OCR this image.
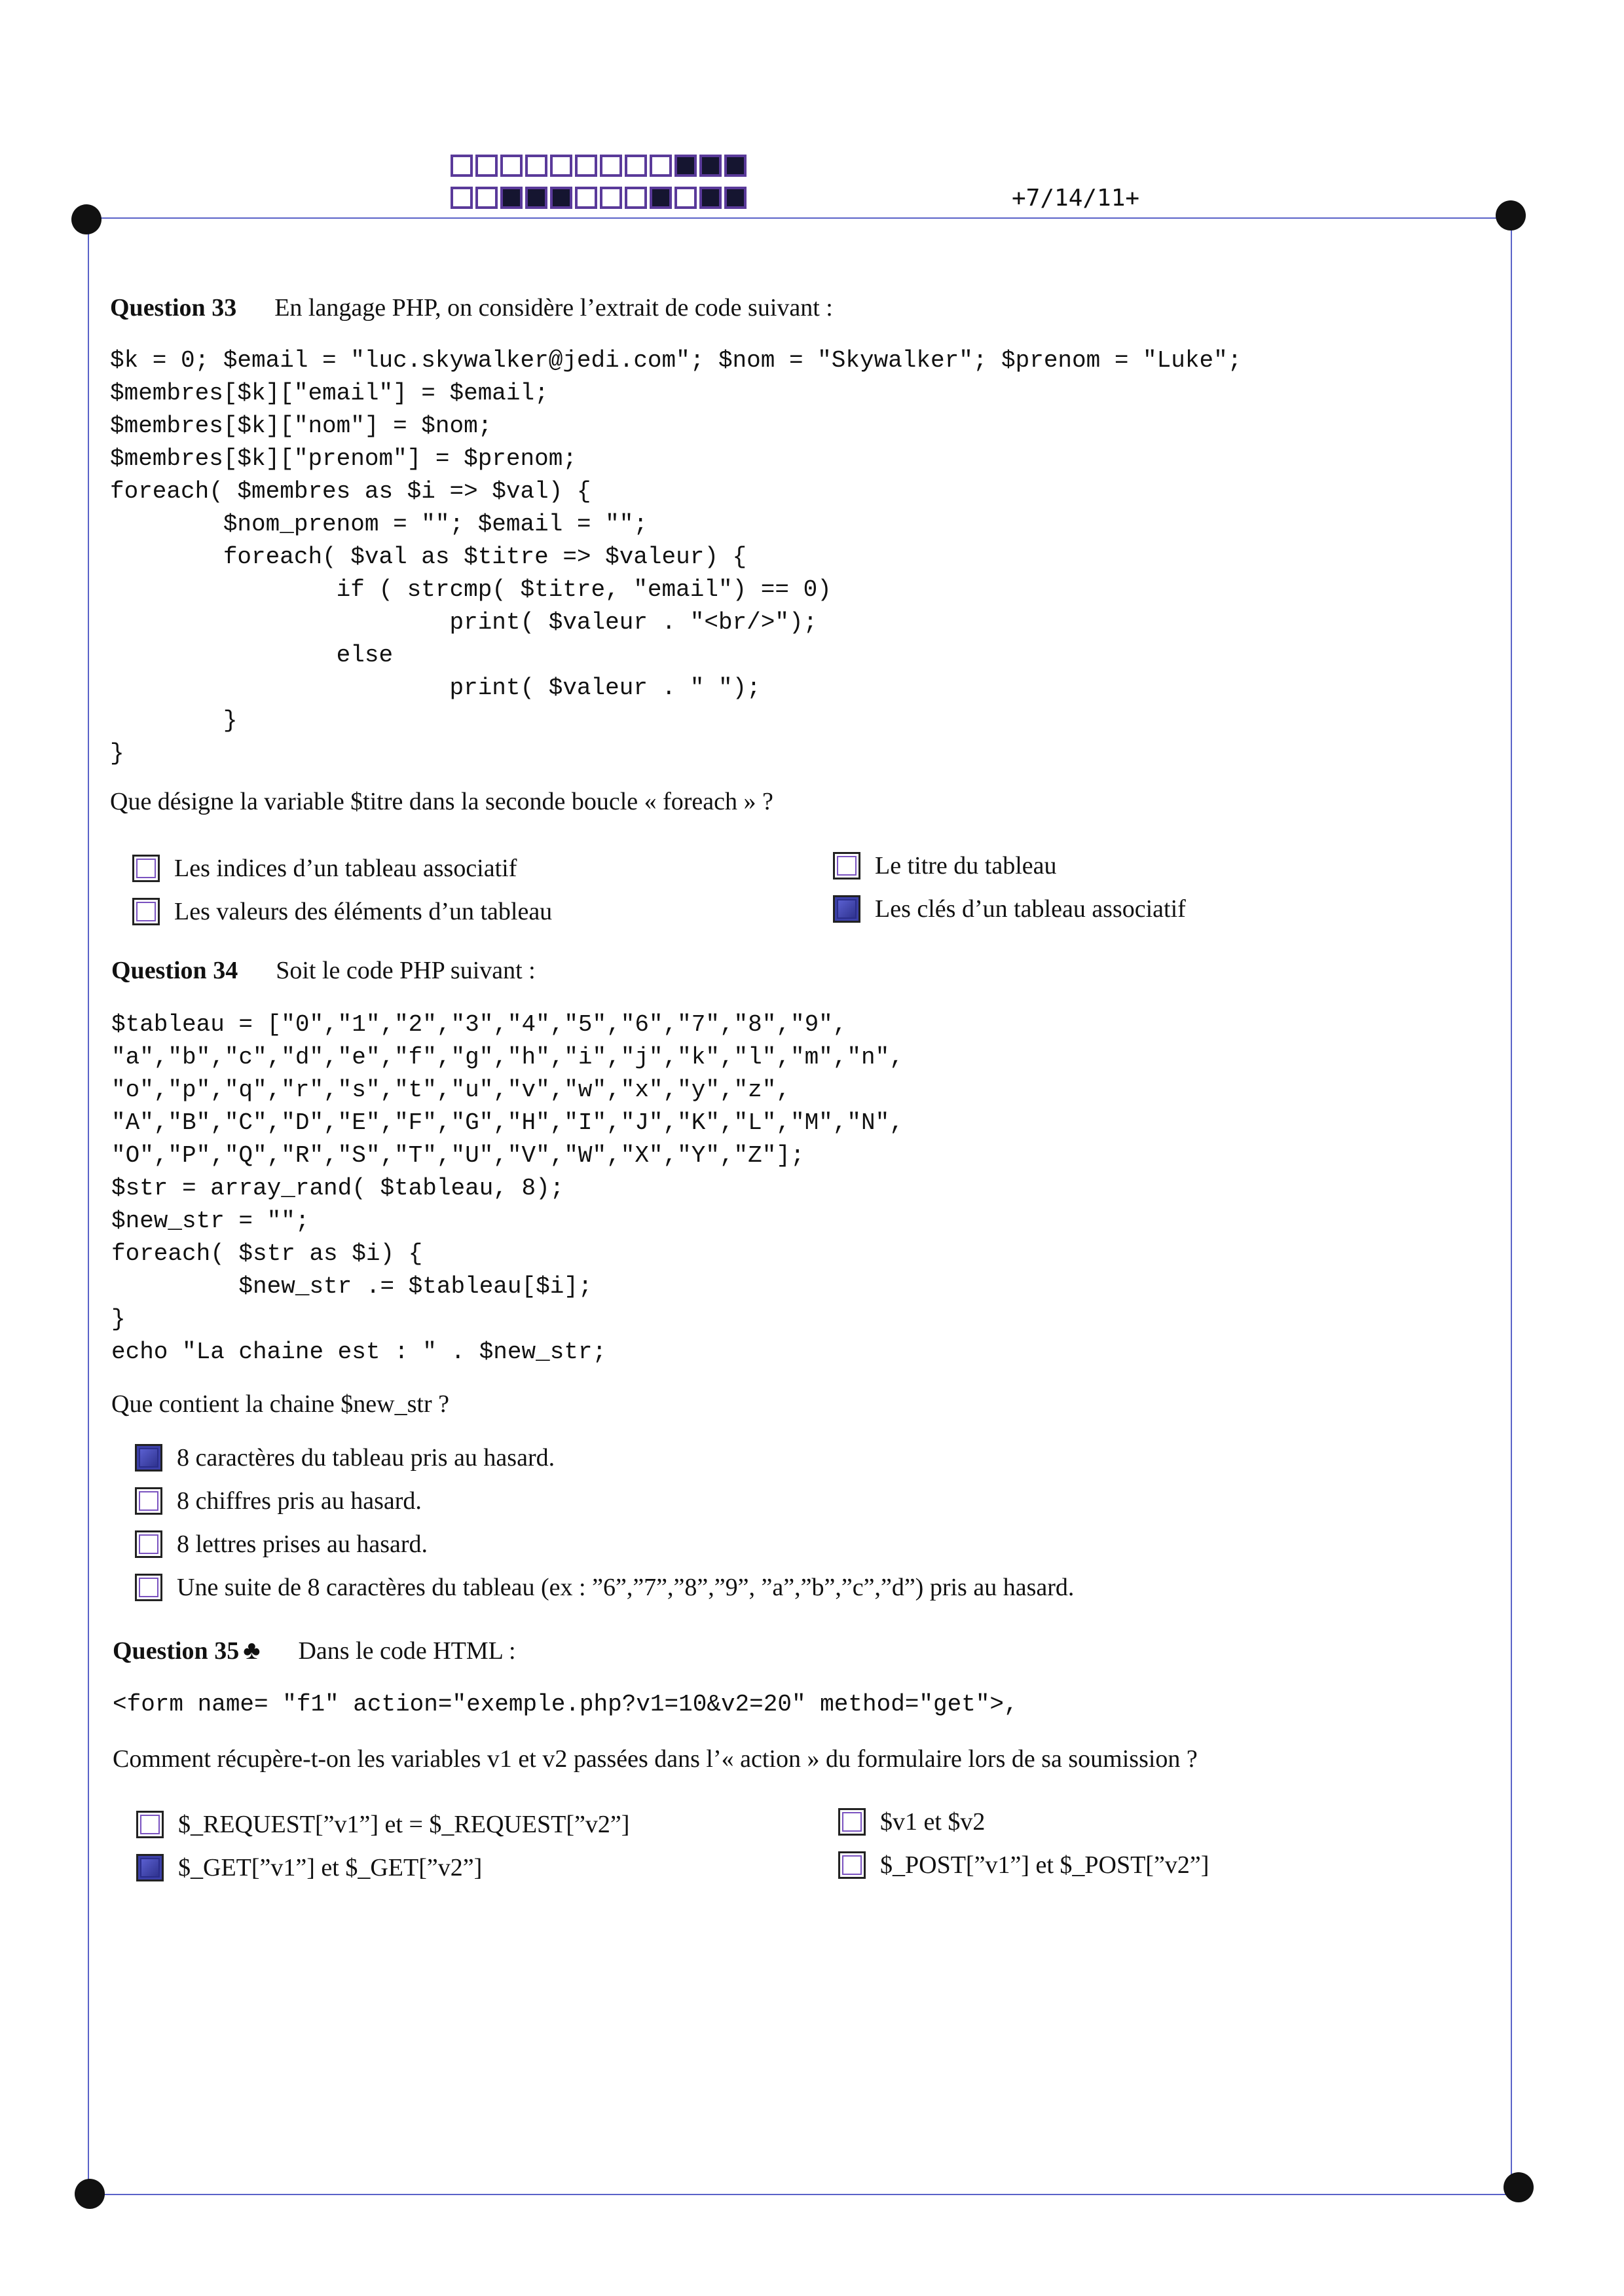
+7/14/11+
Question 33 En langage PHP, on considère l’extrait de code suivant :
$k = 0; $email = "luc.skywalker@jedi.com"; $nom = "Skywalker"; $prenom = "Luke";
$membres[$k]["email"] = $email;
$membres[$k]["nom"] = $nom;
$membres[$k]["prenom"] = $prenom;
foreach( $membres as $i => $val) {
$nom_prenom = ""; $email = "";
foreach( $val as $titre => $valeur) {
if ( strcmp( $titre, "email") == 0)
print( $valeur . "<br/>");
else
print( $valeur . " ");
}
}
Que désigne la variable $titre dans la seconde boucle « foreach » ?
Les indices d’un tableau associatif
Les valeurs des éléments d’un tableau
Le titre du tableau
Les clés d’un tableau associatif
Question 34 Soit le code PHP suivant :
$tableau = ["0","1","2","3","4","5","6","7","8","9",
"a","b","c","d","e","f","g","h","i","j","k","l","m","n",
"o","p","q","r","s","t","u","v","w","x","y","z",
"A","B","C","D","E","F","G","H","I","J","K","L","M","N",
"O","P","Q","R","S","T","U","V","W","X","Y","Z"];
$str = array_rand( $tableau, 8);
$new_str = "";
foreach( $str as $i) {
$new_str .= $tableau[$i];
}
echo "La chaine est : " . $new_str;
Que contient la chaine $new_str ?
8 caractères du tableau pris au hasard.
8 chiffres pris au hasard.
8 lettres prises au hasard.
Une suite de 8 caractères du tableau (ex : ”6”,”7”,”8”,”9”, ”a”,”b”,”c”,”d”) pris au hasard.
Question 35 ♣ Dans le code HTML :
<form name= "f1" action="exemple.php?v1=10&v2=20" method="get">,
Comment récupère-t-on les variables v1 et v2 passées dans l’« action » du formulaire lors de sa soumission ?
$_REQUEST[”v1”] et = $_REQUEST[”v2”]
$_GET[”v1”] et $_GET[”v2”]
$v1 et $v2
$_POST[”v1”] et $_POST[”v2”]
